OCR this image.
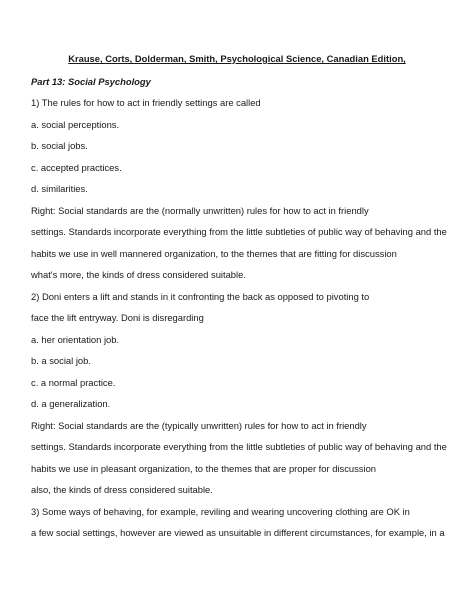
Krause, Corts, Dolderman, Smith, Psychological Science, Canadian Edition,
Part 13: Social Psychology
1) The rules for how to act in friendly settings are called
a. social perceptions.
b. social jobs.
c. accepted practices.
d. similarities.
Right: Social standards are the (normally unwritten) rules for how to act in friendly
settings. Standards incorporate everything from the little subtleties of public way of behaving and the
habits we use in well mannered organization, to the themes that are fitting for discussion
what's more, the kinds of dress considered suitable.
2) Doni enters a lift and stands in it confronting the back as opposed to pivoting to
face the lift entryway. Doni is disregarding
a. her orientation job.
b. a social job.
c. a normal practice.
d. a generalization.
Right: Social standards are the (typically unwritten) rules for how to act in friendly
settings. Standards incorporate everything from the little subtleties of public way of behaving and the
habits we use in pleasant organization, to the themes that are proper for discussion
also, the kinds of dress considered suitable.
3) Some ways of behaving, for example, reviling and wearing uncovering clothing are OK in
a few social settings, however are viewed as unsuitable in different circumstances, for example, in a
